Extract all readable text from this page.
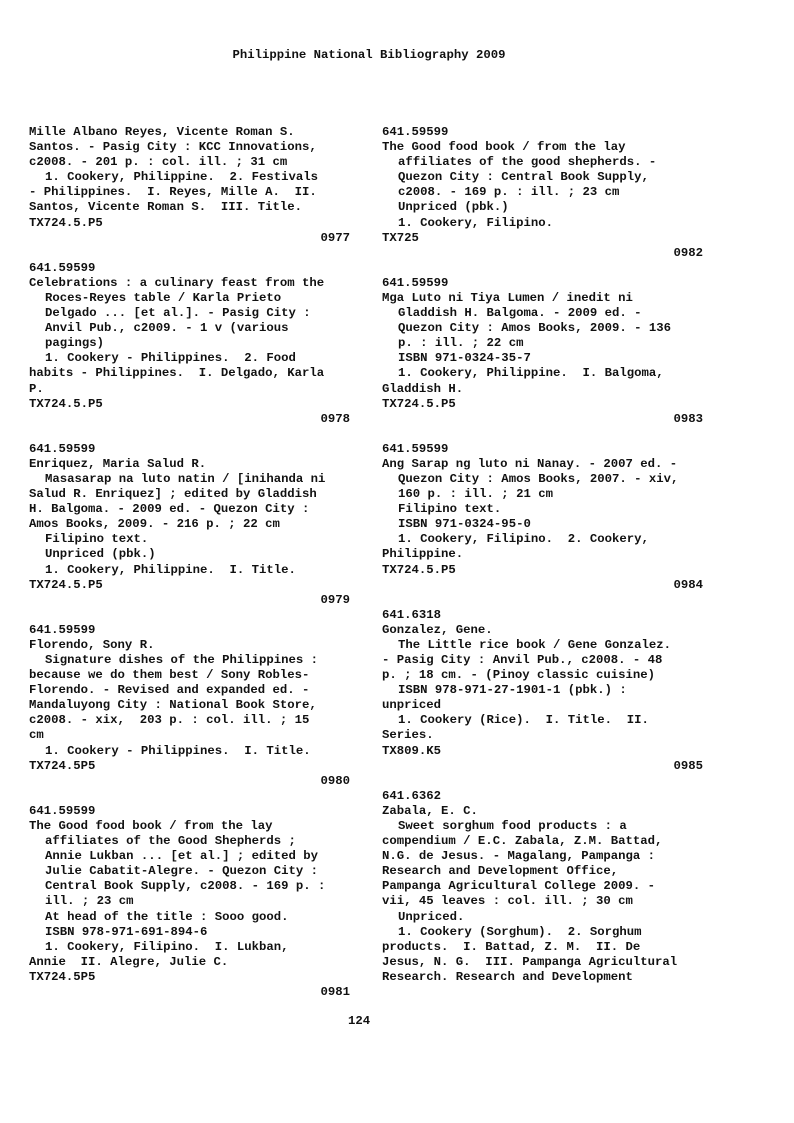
Philippine National Bibliography 2009
Mille Albano Reyes, Vicente Roman S.
Santos. - Pasig City : KCC Innovations,
c2008. - 201 p. : col. ill. ; 31 cm
1. Cookery, Philippine.  2. Festivals
- Philippines.  I. Reyes, Mille A.  II.
Santos, Vicente Roman S.  III. Title.
TX724.5.P5
0977
641.59599
Celebrations : a culinary feast from the
Roces-Reyes table / Karla Prieto
Delgado ... [et al.]. - Pasig City :
Anvil Pub., c2009. - 1 v (various
pagings)
1. Cookery - Philippines.  2. Food
habits - Philippines.  I. Delgado, Karla
P.
TX724.5.P5
0978
641.59599
Enriquez, Maria Salud R.
Masasarap na luto natin / [inihanda ni
Salud R. Enriquez] ; edited by Gladdish
H. Balgoma. - 2009 ed. - Quezon City :
Amos Books, 2009. - 216 p. ; 22 cm
Filipino text.
Unpriced (pbk.)
1. Cookery, Philippine.  I. Title.
TX724.5.P5
0979
641.59599
Florendo, Sony R.
Signature dishes of the Philippines :
because we do them best / Sony Robles-
Florendo. - Revised and expanded ed. -
Mandaluyong City : National Book Store,
c2008. - xix,  203 p. : col. ill. ; 15
cm
1. Cookery - Philippines.  I. Title.
TX724.5P5
0980
641.59599
The Good food book / from the lay
affiliates of the Good Shepherds ;
Annie Lukban ... [et al.] ; edited by
Julie Cabatit-Alegre. - Quezon City :
Central Book Supply, c2008. - 169 p. :
ill. ; 23 cm
At head of the title : Sooo good.
ISBN 978-971-691-894-6
1. Cookery, Filipino.  I. Lukban,
Annie  II. Alegre, Julie C.
TX724.5P5
0981
641.59599
The Good food book / from the lay
affiliates of the good shepherds. -
Quezon City : Central Book Supply,
c2008. - 169 p. : ill. ; 23 cm
Unpriced (pbk.)
1. Cookery, Filipino.
TX725
0982
641.59599
Mga Luto ni Tiya Lumen / inedit ni
Gladdish H. Balgoma. - 2009 ed. -
Quezon City : Amos Books, 2009. - 136
p. : ill. ; 22 cm
ISBN 971-0324-35-7
1. Cookery, Philippine.  I. Balgoma,
Gladdish H.
TX724.5.P5
0983
641.59599
Ang Sarap ng luto ni Nanay. - 2007 ed. -
Quezon City : Amos Books, 2007. - xiv,
160 p. : ill. ; 21 cm
Filipino text.
ISBN 971-0324-95-0
1. Cookery, Filipino.  2. Cookery,
Philippine.
TX724.5.P5
0984
641.6318
Gonzalez, Gene.
The Little rice book / Gene Gonzalez.
- Pasig City : Anvil Pub., c2008. - 48
p. ; 18 cm. - (Pinoy classic cuisine)
ISBN 978-971-27-1901-1 (pbk.) :
unpriced
1. Cookery (Rice).  I. Title.  II.
Series.
TX809.K5
0985
641.6362
Zabala, E. C.
Sweet sorghum food products : a
compendium / E.C. Zabala, Z.M. Battad,
N.G. de Jesus. - Magalang, Pampanga :
Research and Development Office,
Pampanga Agricultural College 2009. -
vii, 45 leaves : col. ill. ; 30 cm
Unpriced.
1. Cookery (Sorghum).  2. Sorghum
products.  I. Battad, Z. M.  II. De
Jesus, N. G.  III. Pampanga Agricultural
Research. Research and Development
124
